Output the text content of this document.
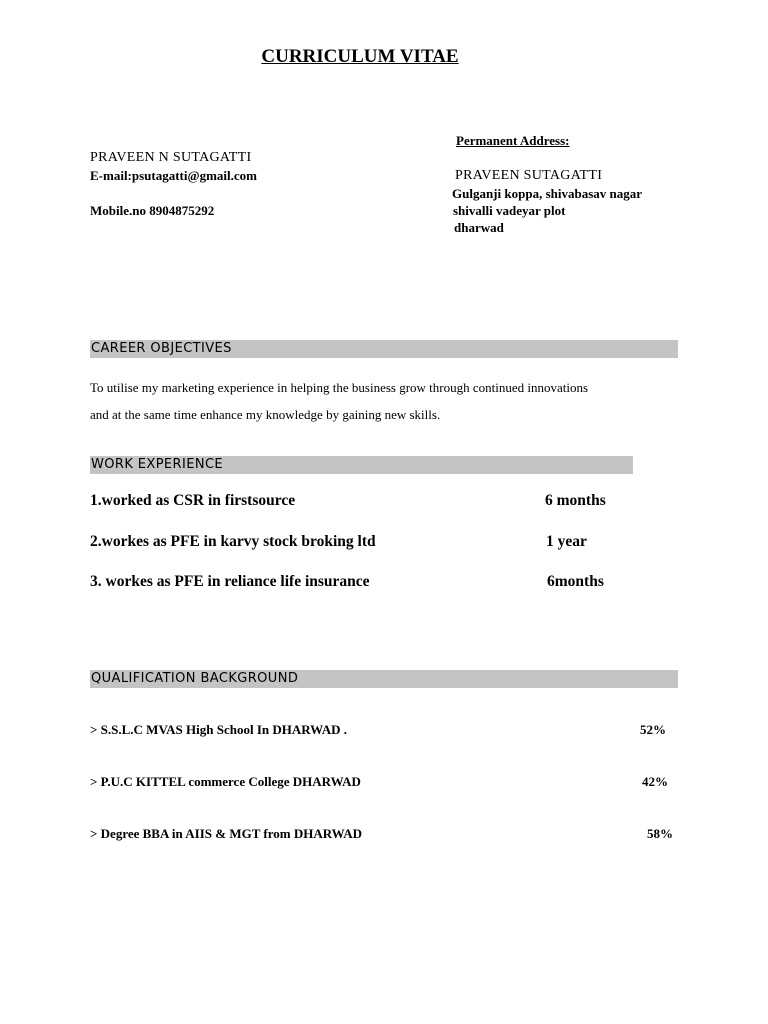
CURRICULUM VITAE
PRAVEEN N SUTAGATTI
E-mail:psutagatti@gmail.com
Mobile.no 8904875292
Permanent Address:
PRAVEEN SUTAGATTI
Gulganji koppa, shivabasav nagar
shivalli vadeyar plot
dharwad
CAREER OBJECTIVES
To utilise my marketing experience in helping the business grow through continued innovations
and at the same time enhance my knowledge by gaining new skills.
WORK EXPERIENCE
1.worked as CSR in firstsource	6 months
2.workes as PFE in karvy stock broking ltd	1 year
3. workes as PFE in reliance life insurance	6months
QUALIFICATION BACKGROUND
> S.S.L.C MVAS High School In DHARWAD .	52%
> P.U.C KITTEL commerce College DHARWAD	42%
> Degree BBA in AIIS & MGT from DHARWAD	58%
